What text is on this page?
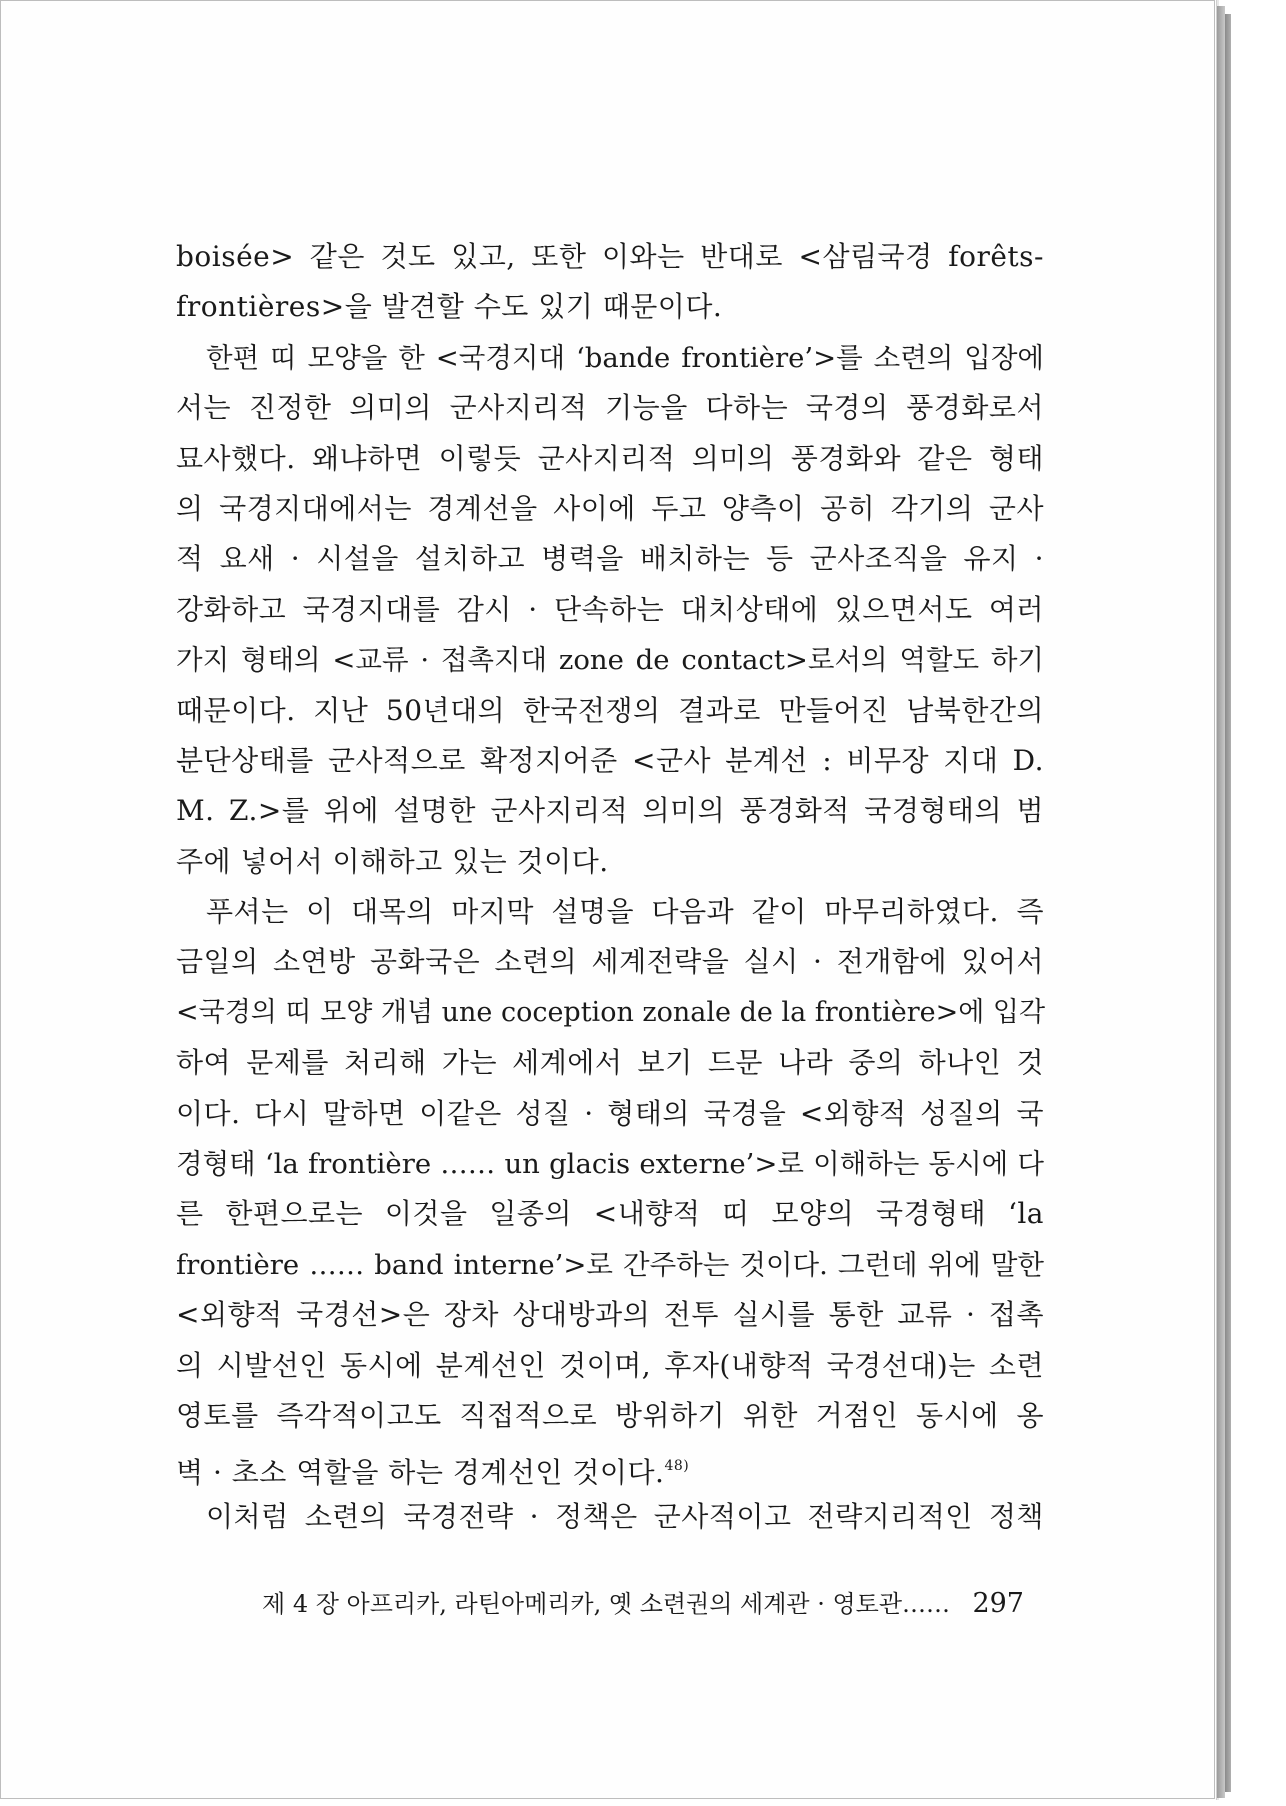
boisée> 같은 것도 있고, 또한 이와는 반대로 <삼림국경 forêts-
frontières>을 발견할 수도 있기 때문이다.
한편 띠 모양을 한 <국경지대 ‘bande frontière’>를 소련의 입장에
서는 진정한 의미의 군사지리적 기능을 다하는 국경의 풍경화로서
묘사했다. 왜냐하면 이렇듯 군사지리적 의미의 풍경화와 같은 형태
의 국경지대에서는 경계선을 사이에 두고 양측이 공히 각기의 군사
적 요새 · 시설을 설치하고 병력을 배치하는 등 군사조직을 유지 ·
강화하고 국경지대를 감시 · 단속하는 대치상태에 있으면서도 여러
가지 형태의 <교류 · 접촉지대 zone de contact>로서의 역할도 하기
때문이다. 지난 50년대의 한국전쟁의 결과로 만들어진 남북한간의
분단상태를 군사적으로 확정지어준 <군사 분계선 : 비무장 지대 D.
M. Z.>를 위에 설명한 군사지리적 의미의 풍경화적 국경형태의 범
주에 넣어서 이해하고 있는 것이다.
푸셔는 이 대목의 마지막 설명을 다음과 같이 마무리하였다. 즉
금일의 소연방 공화국은 소련의 세계전략을 실시 · 전개함에 있어서
<국경의 띠 모양 개념 une coception zonale de la frontière>에 입각
하여 문제를 처리해 가는 세계에서 보기 드문 나라 중의 하나인 것
이다. 다시 말하면 이같은 성질 · 형태의 국경을 <외향적 성질의 국
경형태 ‘la frontière …… un glacis externe’>로 이해하는 동시에 다
른 한편으로는 이것을 일종의 <내향적 띠 모양의 국경형태 ‘la
frontière …… band interne’>로 간주하는 것이다. 그런데 위에 말한
<외향적 국경선>은 장차 상대방과의 전투 실시를 통한 교류 · 접촉
의 시발선인 동시에 분계선인 것이며, 후자(내향적 국경선대)는 소련
영토를 즉각적이고도 직접적으로 방위하기 위한 거점인 동시에 옹
벽 · 초소 역할을 하는 경계선인 것이다.$^{48)}$
이처럼 소련의 국경전략 · 정책은 군사적이고 전략지리적인 정책
제 4 장 아프리카, 라틴아메리카, 옛 소련권의 세계관 · 영토관…… 297
